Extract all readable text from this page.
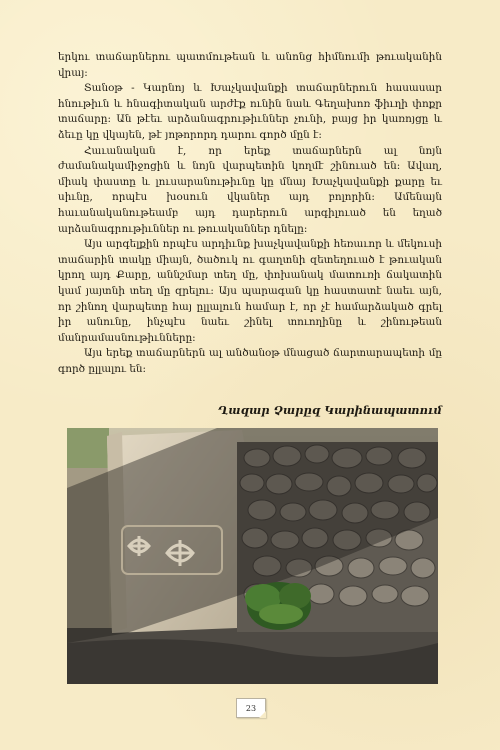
երկու տաճարներու պատմութեան և անոնց հիմնումի թուականին վրայ:

Տանօթ - Կարնոյ և Խաչկավանքի տաճարներուն հասասար հնութիւն և հնագիտական արժէք ունին նաև Գեղախոռ ֆիւղի փոքր տաճարը: Ան թէեւ արձանագրութիւններ չունի, բայց իր կառոյցը և ձեւը կը վկայեն, թէ յոթորորդ դարու գործ մըն է:

Հաւանական է, որ երեք տաճարներն ալ նոյն ժամանակամիջոցին և նոյն վարպետին կողմէ շինուած են: Ավաղ, միակ փաստը և լուսարանութիւնը կը մնայ Խաչկավանքի քարը եւ սիւնը, որպէս խօսուն վկաներ այդ բոլորին: Ամենայն հաւանականութեամբ այդ դարերուն արգիլուած են եղած արձանագրութիւններ ու թուականներ դնելը:

Այս արգելքին որպէս արդիւնք խաչկավանքի հեռաւոր և մեկուսի տաճարին տակը միայն, ծածուկ ու գաղտնի զետեղուած է թուական կրող այդ Քարը, աննշմար տեղ մը, փոխանակ մատուռի ճակատին կամ յայտնի տեղ մը զրելու: Այս պարագան կը հաստատէ նաեւ այն, որ շինող վարպետը հայ ըլլալուն համար է, որ չէ համարձակած գրել իր անունը, ինչպէս նաեւ շինել տուողինը և շինութեան մանրամասնութիւնները:

Այս երեք տաճարներն ալ անծանօթ մնացած ճարտարապետի մը գործ ըլլալու են:

Ղազար Չարըզ Կարինապատում
23
